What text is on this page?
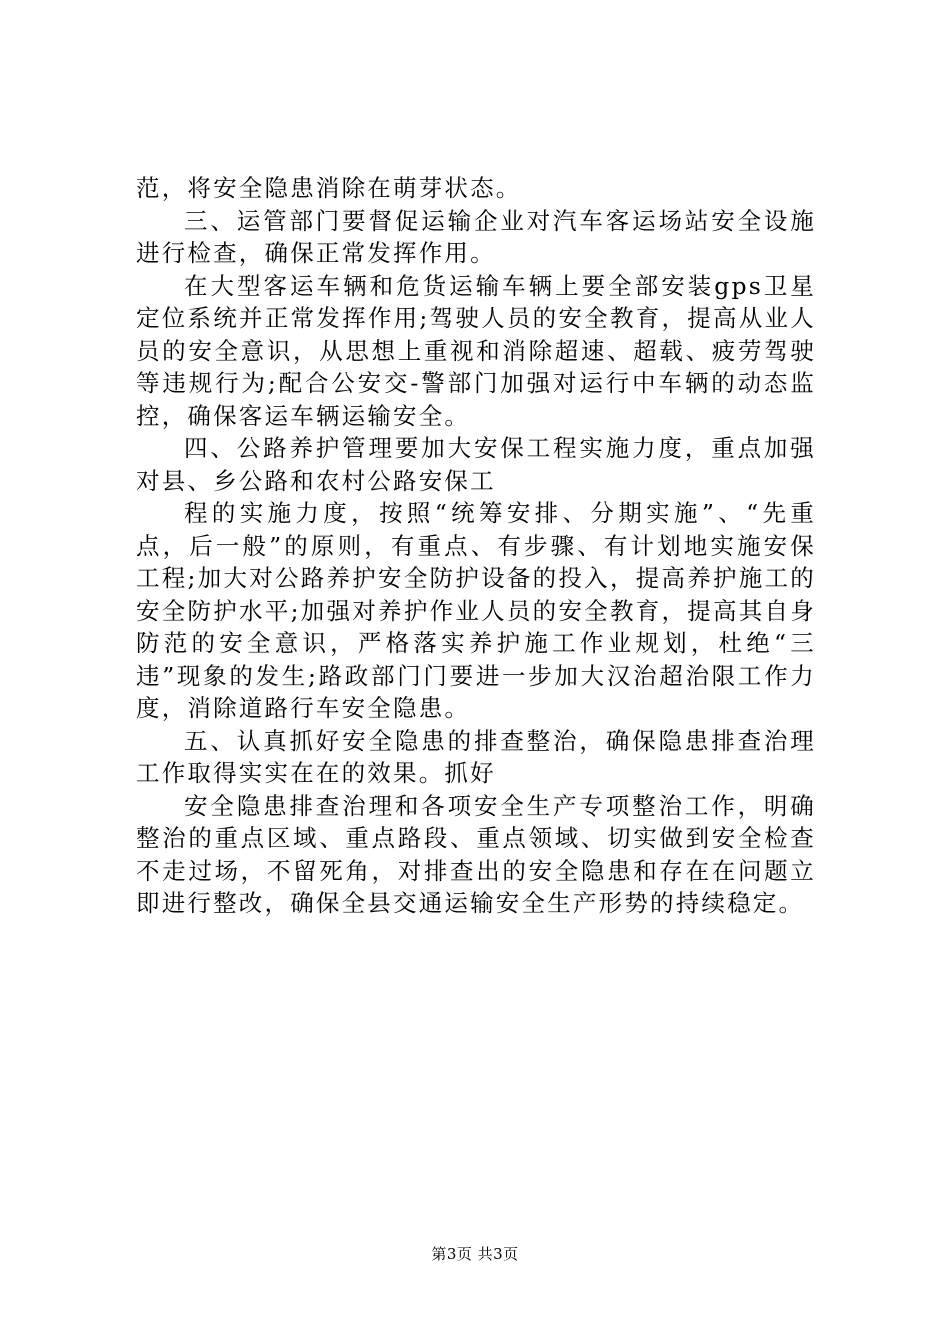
范，将安全隐患消除在萌芽状态。

三、运管部门要督促运输企业对汽车客运场站安全设施进行检查，确保正常发挥作用。

在大型客运车辆和危货运输车辆上要全部安装gps卫星定位系统并正常发挥作用;驾驶人员的安全教育，提高从业人员的安全意识，从思想上重视和消除超速、超载、疲劳驾驶等违规行为;配合公安交-警部门加强对运行中车辆的动态监控，确保客运车辆运输安全。

四、公路养护管理要加大安保工程实施力度，重点加强对县、乡公路和农村公路安保工

程的实施力度，按照“统筹安排、分期实施”、“先重点，后一般”的原则，有重点、有步骤、有计划地实施安保工程;加大对公路养护安全防护设备的投入，提高养护施工的安全防护水平;加强对养护作业人员的安全教育，提高其自身防范的安全意识，严格落实养护施工作业规划，杜绝“三违”现象的发生;路政部门门要进一步加大汉治超治限工作力度，消除道路行车安全隐患。

五、认真抓好安全隐患的排查整治，确保隐患排查治理工作取得实实在在的效果。抓好

安全隐患排查治理和各项安全生产专项整治工作，明确整治的重点区域、重点路段、重点领域、切实做到安全检查不走过场，不留死角，对排查出的安全隐患和存在在问题立即进行整改，确保全县交通运输安全生产形势的持续稳定。

第3页 共3页
